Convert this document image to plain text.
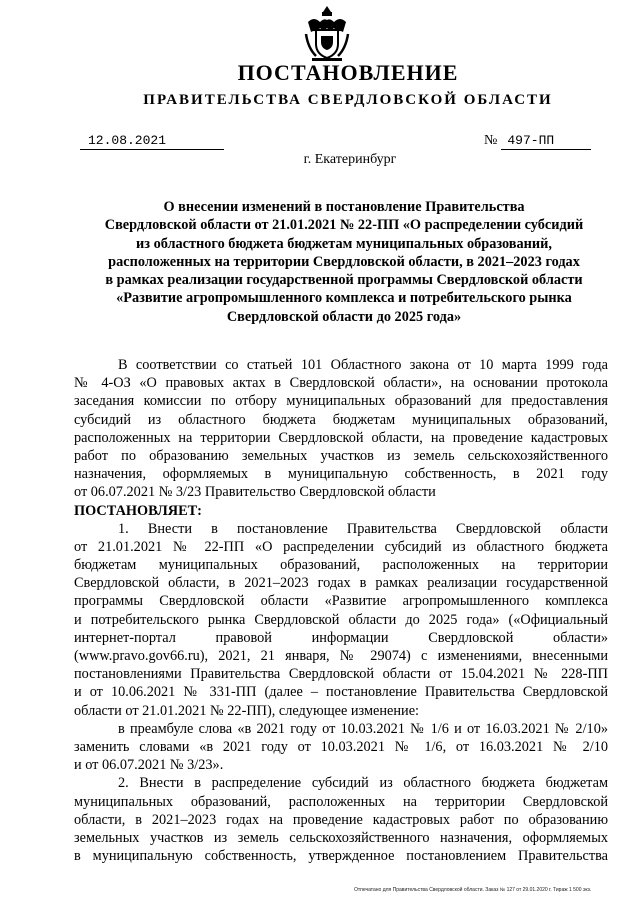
ПОСТАНОВЛЕНИЕ
ПРАВИТЕЛЬСТВА СВЕРДЛОВСКОЙ ОБЛАСТИ
12.08.2021	№ 497-ПП
г. Екатеринбург
О внесении изменений в постановление Правительства
Свердловской области от 21.01.2021 № 22-ПП «О распределении субсидий
из областного бюджета бюджетам муниципальных образований,
расположенных на территории Свердловской области, в 2021–2023 годах
в рамках реализации государственной программы Свердловской области
«Развитие агропромышленного комплекса и потребительского рынка
Свердловской области до 2025 года»
В соответствии со статьей 101 Областного закона от 10 марта 1999 года
№ 4-ОЗ «О правовых актах в Свердловской области», на основании протокола
заседания комиссии по отбору муниципальных образований для предоставления
субсидий из областного бюджета бюджетам муниципальных образований,
расположенных на территории Свердловской области, на проведение кадастровых
работ по образованию земельных участков из земель сельскохозяйственного
назначения, оформляемых в муниципальную собственность, в 2021 году
от 06.07.2021 № 3/23 Правительство Свердловской области
ПОСТАНОВЛЯЕТ:
1. Внести в постановление Правительства Свердловской области
от 21.01.2021 № 22-ПП «О распределении субсидий из областного бюджета
бюджетам муниципальных образований, расположенных на территории
Свердловской области, в 2021–2023 годах в рамках реализации государственной
программы Свердловской области «Развитие агропромышленного комплекса
и потребительского рынка Свердловской области до 2025 года» («Официальный
интернет-портал правовой информации Свердловской области»
(www.pravo.gov66.ru), 2021, 21 января, № 29074) с изменениями, внесенными
постановлениями Правительства Свердловской области от 15.04.2021 № 228-ПП
и от 10.06.2021 № 331-ПП (далее – постановление Правительства Свердловской
области от 21.01.2021 № 22-ПП), следующее изменение:
в преамбуле слова «в 2021 году от 10.03.2021 № 1/6 и от 16.03.2021 № 2/10»
заменить словами «в 2021 году от 10.03.2021 № 1/6, от 16.03.2021 № 2/10
и от 06.07.2021 № 3/23».
2. Внести в распределение субсидий из областного бюджета бюджетам
муниципальных образований, расположенных на территории Свердловской
области, в 2021–2023 годах на проведение кадастровых работ по образованию
земельных участков из земель сельскохозяйственного назначения, оформляемых
в муниципальную собственность, утвержденное постановлением Правительства
Отпечатано для Правительства Свердловской области. Заказ № 127 от 29.01.2020 г. Тираж 1 500 экз.
